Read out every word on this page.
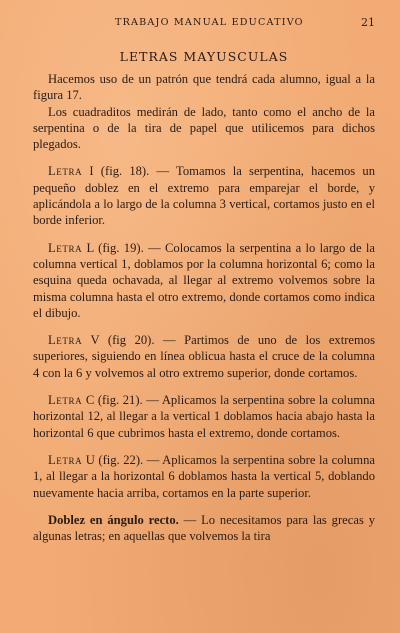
TRABAJO MANUAL EDUCATIVO	21
LETRAS MAYUSCULAS

Hacemos uso de un patrón que tendrá cada alumno, igual a la figura 17.

Los cuadraditos medirán de lado, tanto como el ancho de la serpentina o de la tira de papel que utilicemos para dichos plegados.

Letra I (fig. 18). — Tomamos la serpentina, hacemos un pequeño doblez en el extremo para emparejar el borde, y aplicándola a lo largo de la columna 3 vertical, cortamos justo en el borde inferior.

Letra L (fig. 19). — Colocamos la serpentina a lo largo de la columna vertical 1, doblamos por la columna horizontal 6; como la esquina queda ochavada, al llegar al extremo volvemos sobre la misma columna hasta el otro extremo, donde cortamos como indica el dibujo.

Letra V (fig 20). — Partimos de uno de los extremos superiores, siguiendo en línea oblicua hasta el cruce de la columna 4 con la 6 y volvemos al otro extremo superior, donde cortamos.

Letra C (fig. 21). — Aplicamos la serpentina sobre la columna horizontal 12, al llegar a la vertical 1 doblamos hacia abajo hasta la horizontal 6 que cubrimos hasta el extremo, donde cortamos.

Letra U (fig. 22). — Aplicamos la serpentina sobre la columna 1, al llegar a la horizontal 6 doblamos hasta la vertical 5, doblando nuevamente hacia arriba, cortamos en la parte superior.

Doblez en ángulo recto. — Lo necesitamos para las grecas y algunas letras; en aquellas que volvemos la tira
